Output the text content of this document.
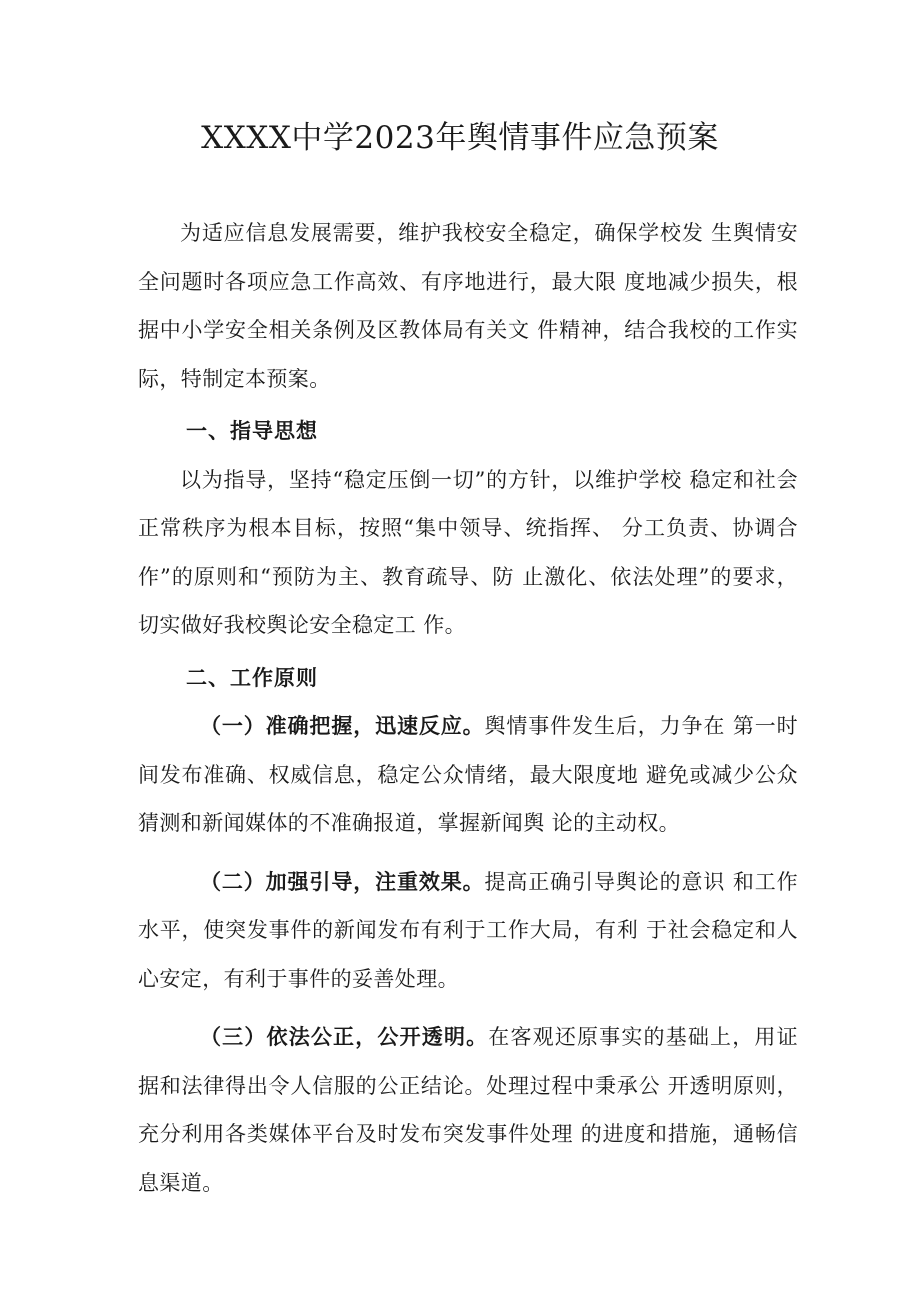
XXXX中学2023年舆情事件应急预案

为适应信息发展需要，维护我校安全稳定，确保学校发 生舆情安全问题时各项应急工作高效、有序地进行，最大限 度地减少损失，根据中小学安全相关条例及区教体局有关文 件精神，结合我校的工作实际，特制定本预案。

一、指导思想

以为指导，坚持“稳定压倒一切”的方针，以维护学校 稳定和社会正常秩序为根本目标，按照“集中领导、统指挥、 分工负责、协调合作”的原则和“预防为主、教育疏导、防 止激化、依法处理”的要求，切实做好我校舆论安全稳定工 作。

二、工作原则

（一）准确把握，迅速反应。舆情事件发生后，力争在 第一时间发布准确、权威信息，稳定公众情绪，最大限度地 避免或减少公众猜测和新闻媒体的不准确报道，掌握新闻舆 论的主动权。

（二）加强引导，注重效果。提高正确引导舆论的意识 和工作水平，使突发事件的新闻发布有利于工作大局，有利 于社会稳定和人心安定，有利于事件的妥善处理。

（三）依法公正，公开透明。在客观还原事实的基础上，用证据和法律得出令人信服的公正结论。处理过程中秉承公 开透明原则，充分利用各类媒体平台及时发布突发事件处理 的进度和措施，通畅信息渠道。
